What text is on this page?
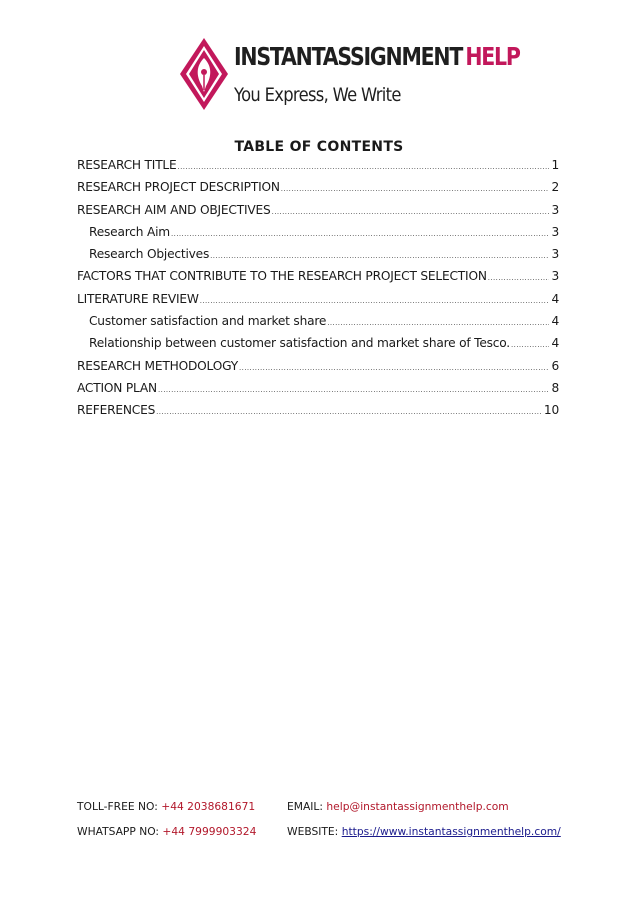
INSTANTASSIGNMENT HELP
You Express, We Write
TABLE OF CONTENTS
RESEARCH TITLE .....	1
RESEARCH PROJECT DESCRIPTION .....	2
RESEARCH AIM AND OBJECTIVES .....	3
Research Aim .....	3
Research Objectives .....	3
FACTORS THAT CONTRIBUTE TO THE RESEARCH PROJECT SELECTION .....	3
LITERATURE REVIEW .....	4
Customer satisfaction and market share .....	4
Relationship between customer satisfaction and market share of Tesco. .....	4
RESEARCH METHODOLOGY .....	6
ACTION PLAN .....	8
REFERENCES .....	10
TOLL-FREE NO: +44 2038681671	EMAIL: help@instantassignmenthelp.com
WHATSAPP NO: +44 7999903324	WEBSITE: https://www.instantassignmenthelp.com/
